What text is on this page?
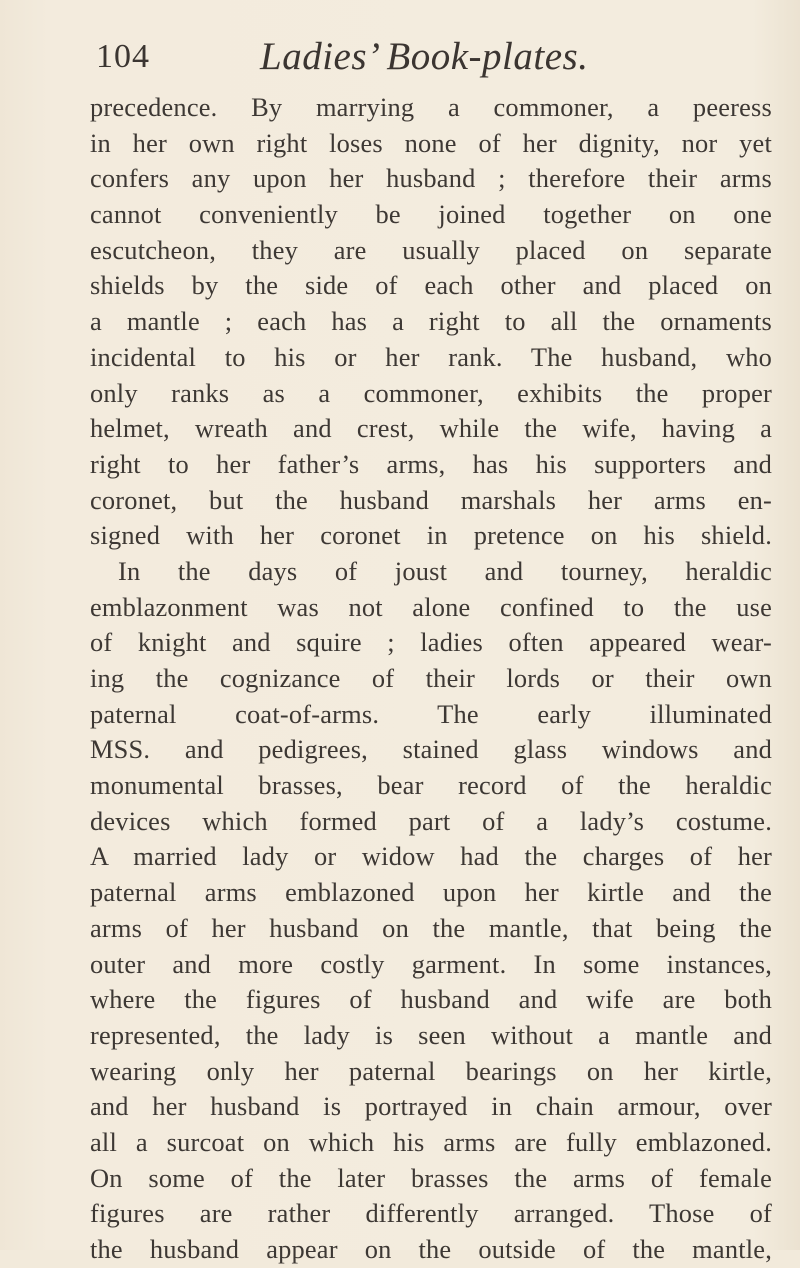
104	Ladies’ Book-plates.
precedence. By marrying a commoner, a peeress
in her own right loses none of her dignity, nor yet
confers any upon her husband ; therefore their arms
cannot conveniently be joined together on one
escutcheon, they are usually placed on separate
shields by the side of each other and placed on
a mantle ; each has a right to all the ornaments
incidental to his or her rank. The husband, who
only ranks as a commoner, exhibits the proper
helmet, wreath and crest, while the wife, having a
right to her father’s arms, has his supporters and
coronet, but the husband marshals her arms en-
signed with her coronet in pretence on his shield.
In the days of joust and tourney, heraldic
emblazonment was not alone confined to the use
of knight and squire ; ladies often appeared wear-
ing the cognizance of their lords or their own
paternal coat-of-arms. The early illuminated
MSS. and pedigrees, stained glass windows and
monumental brasses, bear record of the heraldic
devices which formed part of a lady’s costume.
A married lady or widow had the charges of her
paternal arms emblazoned upon her kirtle and the
arms of her husband on the mantle, that being the
outer and more costly garment. In some instances,
where the figures of husband and wife are both
represented, the lady is seen without a mantle and
wearing only her paternal bearings on her kirtle,
and her husband is portrayed in chain armour, over
all a surcoat on which his arms are fully emblazoned.
On some of the later brasses the arms of female
figures are rather differently arranged. Those of
the husband appear on the outside of the mantle,
